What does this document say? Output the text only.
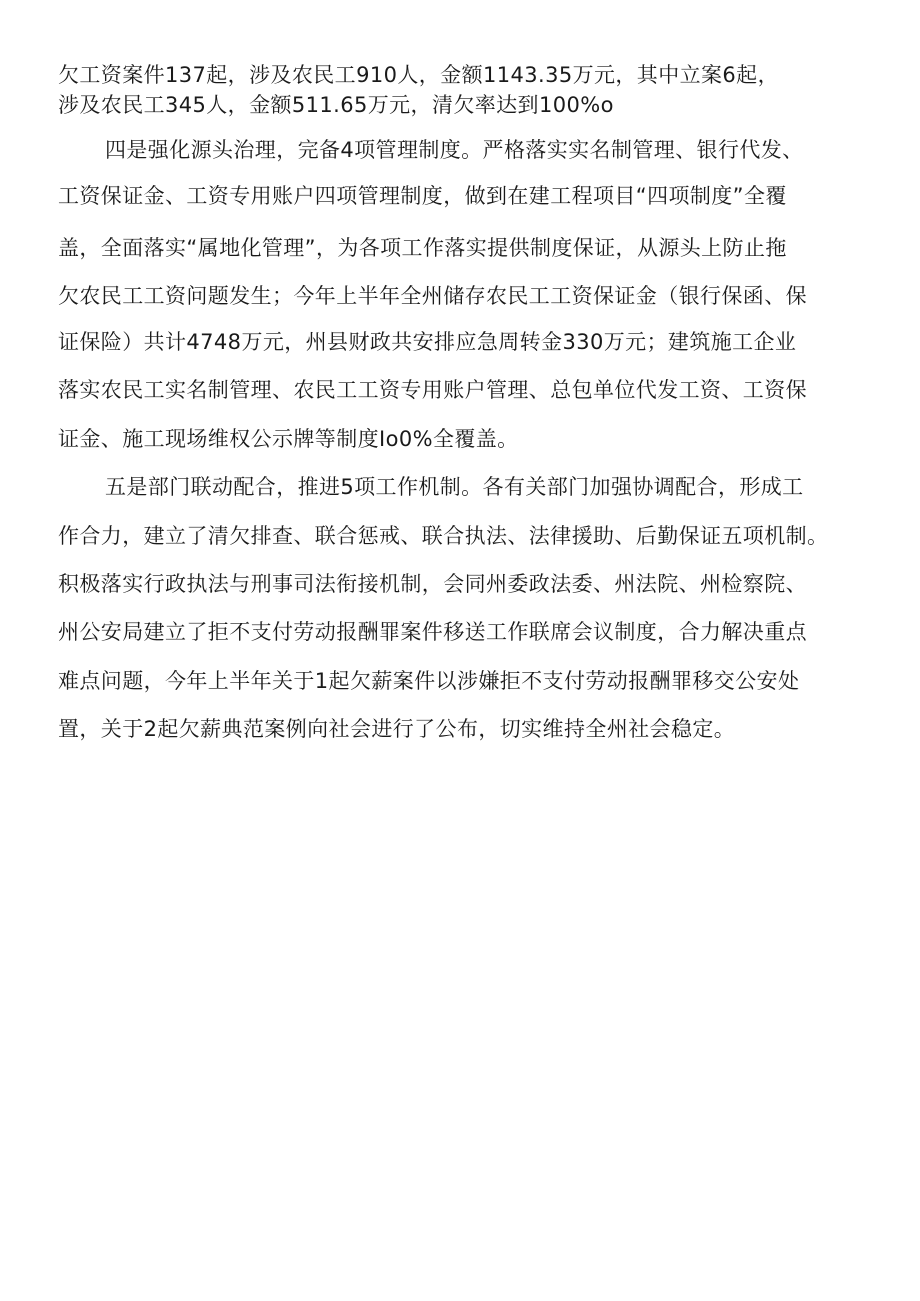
欠工资案件137起，涉及农民工910人，金额1143.35万元，其中立案6起，
涉及农民工345人，金额511.65万元，清欠率达到100%o
四是强化源头治理，完备4项管理制度。严格落实实名制管理、银行代发、
工资保证金、工资专用账户四项管理制度，做到在建工程项目“四项制度”全覆
盖，全面落实“属地化管理”，为各项工作落实提供制度保证，从源头上防止拖
欠农民工工资问题发生；今年上半年全州储存农民工工资保证金（银行保函、保
证保险）共计4748万元，州县财政共安排应急周转金330万元；建筑施工企业
落实农民工实名制管理、农民工工资专用账户管理、总包单位代发工资、工资保
证金、施工现场维权公示牌等制度Io0%全覆盖。
五是部门联动配合，推进5项工作机制。各有关部门加强协调配合，形成工
作合力，建立了清欠排查、联合惩戒、联合执法、法律援助、后勤保证五项机制。
积极落实行政执法与刑事司法衔接机制，会同州委政法委、州法院、州检察院、
州公安局建立了拒不支付劳动报酬罪案件移送工作联席会议制度，合力解决重点
难点问题，今年上半年关于1起欠薪案件以涉嫌拒不支付劳动报酬罪移交公安处
置，关于2起欠薪典范案例向社会进行了公布，切实维持全州社会稳定。
